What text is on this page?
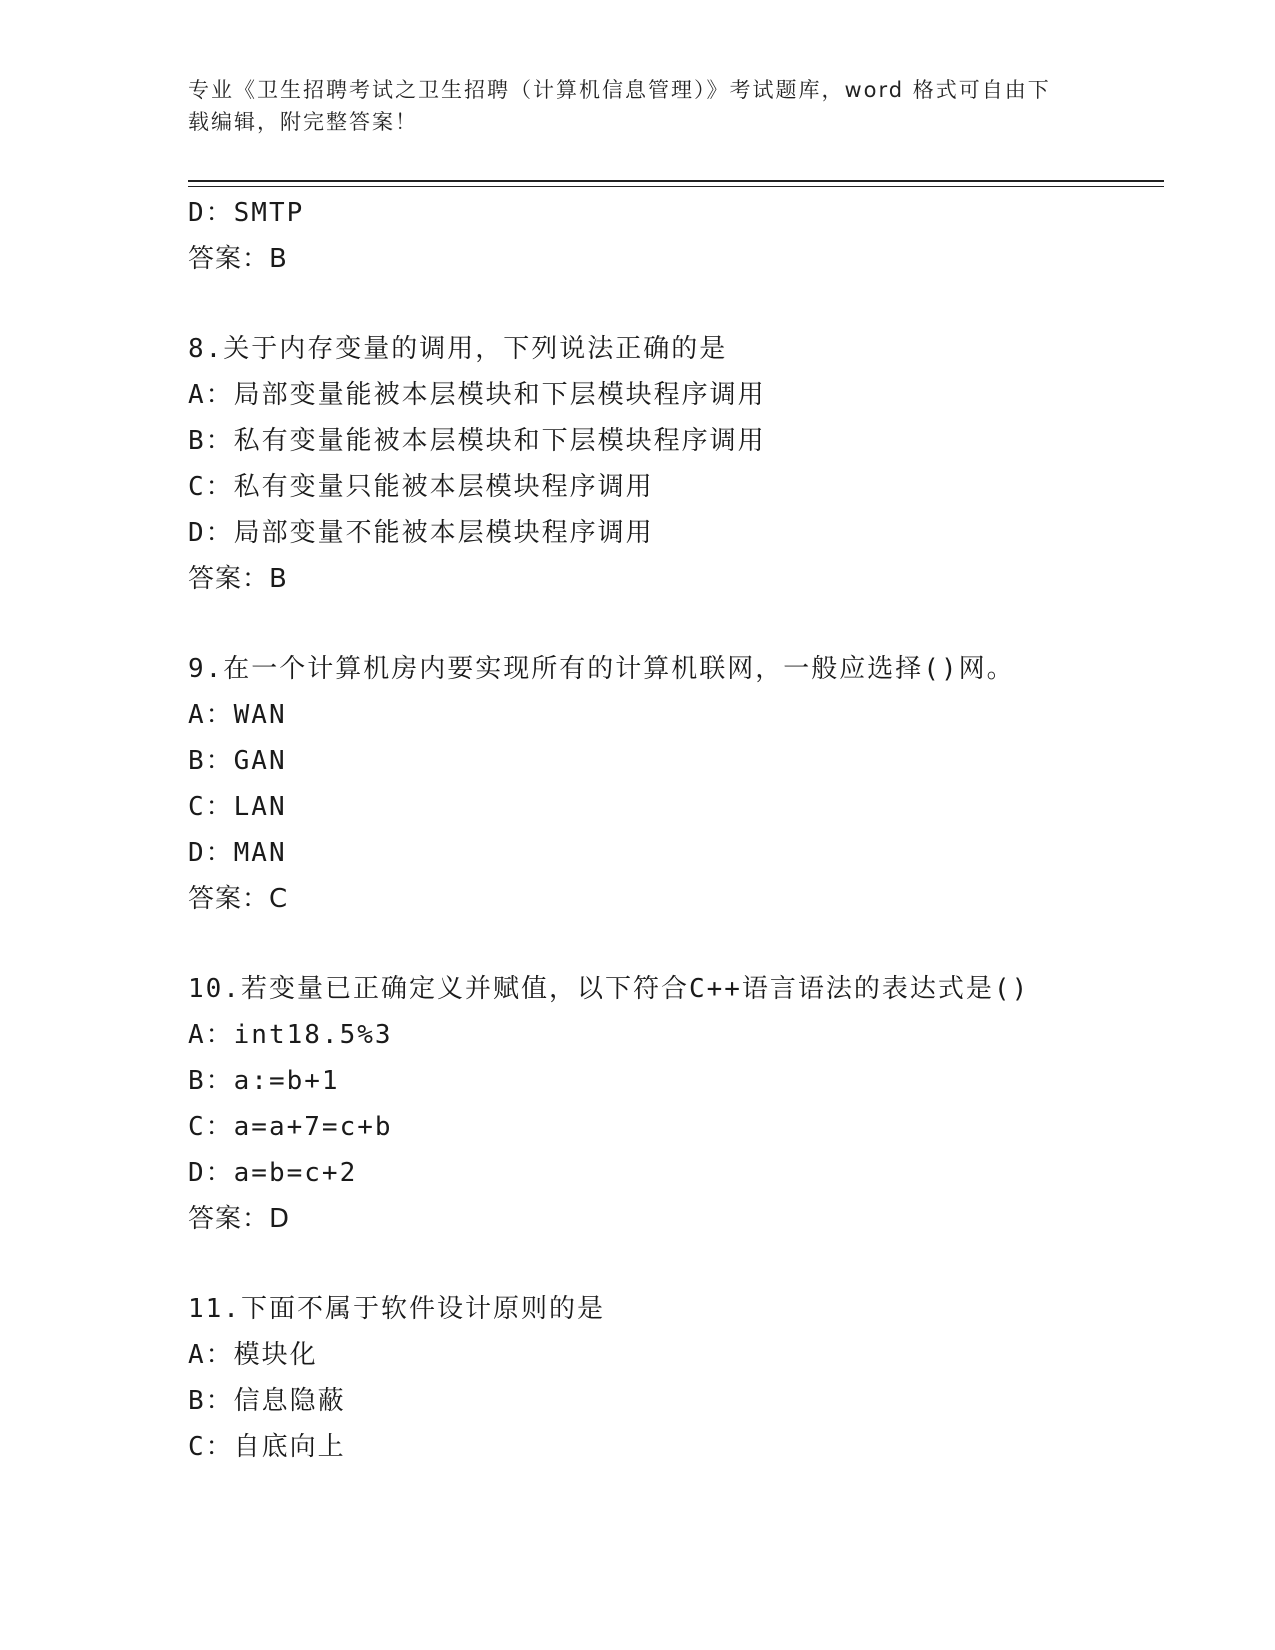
专业《卫生招聘考试之卫生招聘（计算机信息管理）》考试题库，word 格式可自由下载编辑，附完整答案！
D：SMTP
答案：B
8.关于内存变量的调用，下列说法正确的是
A：局部变量能被本层模块和下层模块程序调用
B：私有变量能被本层模块和下层模块程序调用
C：私有变量只能被本层模块程序调用
D：局部变量不能被本层模块程序调用
答案：B
9.在一个计算机房内要实现所有的计算机联网，一般应选择()网。
A：WAN
B：GAN
C：LAN
D：MAN
答案：C
10.若变量已正确定义并赋值，以下符合C++语言语法的表达式是()
A：int18.5%3
B：a:=b+1
C：a=a+7=c+b
D：a=b=c+2
答案：D
11.下面不属于软件设计原则的是
A：模块化
B：信息隐蔽
C：自底向上
